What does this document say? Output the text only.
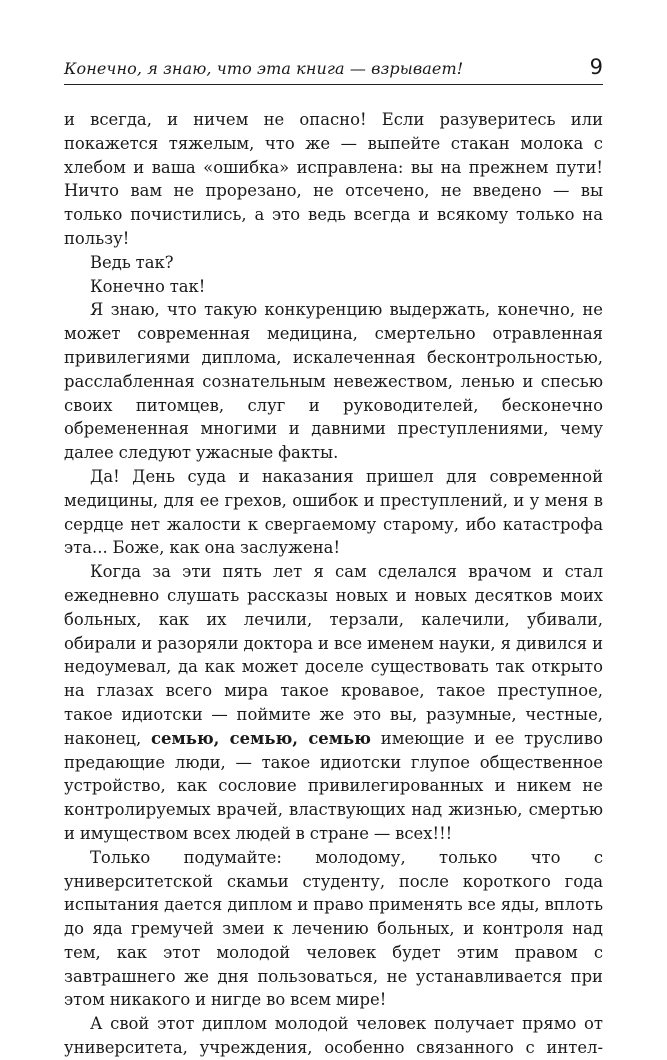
Конечно, я знаю, что эта книга — взрывает!	9

и всегда, и ничем не опасно! Если разуверитесь или покажется тяжелым, что же — выпейте стакан молока с хлебом и ваша «ошибка» исправлена: вы на прежнем пути! Ничто вам не прорезано, не отсечено, не введено — вы только почистились, а это ведь всегда и всякому только на пользу!

Ведь так?

Конечно так!

Я знаю, что такую конкуренцию выдержать, конечно, не может современная медицина, смертельно отравленная привилегиями диплома, искалеченная бесконтрольностью, расслабленная сознательным невежеством, ленью и спесью своих питомцев, слуг и руководителей, бесконечно обремененная многими и давними преступлениями, чему далее следуют ужасные факты.

Да! День суда и наказания пришел для современной медицины, для ее грехов, ошибок и преступлений, и у меня в сердце нет жалости к свергаемому старому, ибо катастрофа эта... Боже, как она заслужена!

Когда за эти пять лет я сам сделался врачом и стал ежедневно слушать рассказы новых и новых десятков моих больных, как их лечили, терзали, калечили, убивали, обирали и разоряли доктора и все именем науки, я дивился и недоумевал, да как может доселе существовать так открыто на глазах всего мира такое кровавое, такое преступное, такое идиотски — поймите же это вы, разумные, честные, наконец, семью, семью, семью имеющие и ее трусливо предающие люди, — такое идиотски глупое общественное устройство, как сословие привилегированных и никем не контролируемых врачей, властвующих над жизнью, смертью и имуществом всех людей в стране — всех!!!

Только подумайте: молодому, только что с университетской скамьи студенту, после короткого года испытания дается диплом и право применять все яды, вплоть до яда гремучей змеи к лечению больных, и контроля над тем, как этот молодой человек будет этим правом с завтрашнего же дня пользоваться, не устанавливается при этом никакого и нигде во всем мире!

А свой этот диплом молодой человек получает прямо от университета, учреждения, особенно связанного с интел-
